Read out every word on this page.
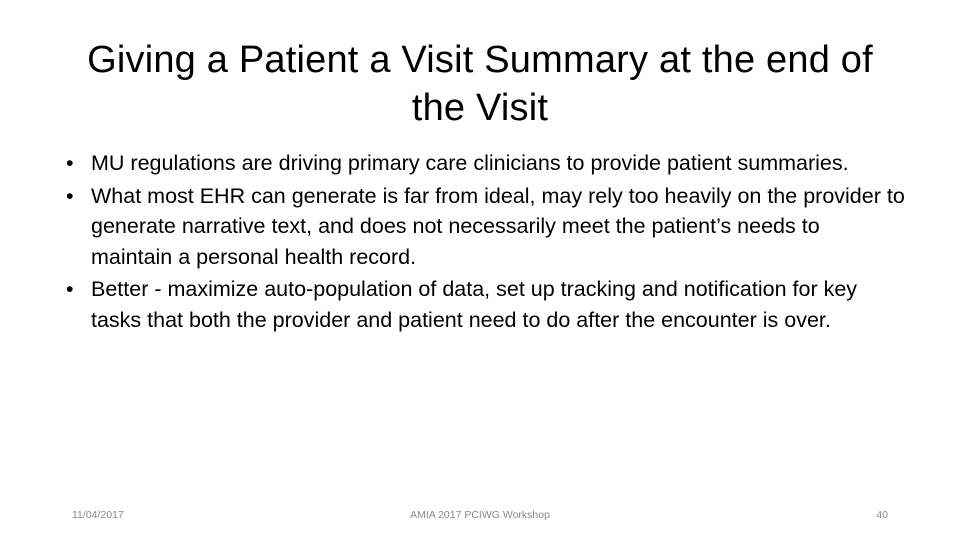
Giving a Patient a Visit Summary at the end of
the Visit
• MU regulations are driving primary care clinicians to provide patient summaries.
• What most EHR can generate is far from ideal, may rely too heavily on the provider to generate narrative text, and does not necessarily meet the patient’s needs to maintain a personal health record.
• Better - maximize auto-population of data, set up tracking and notification for key tasks that both the provider and patient need to do after the encounter is over.
11/04/2017	AMIA 2017 PCIWG Workshop	40
